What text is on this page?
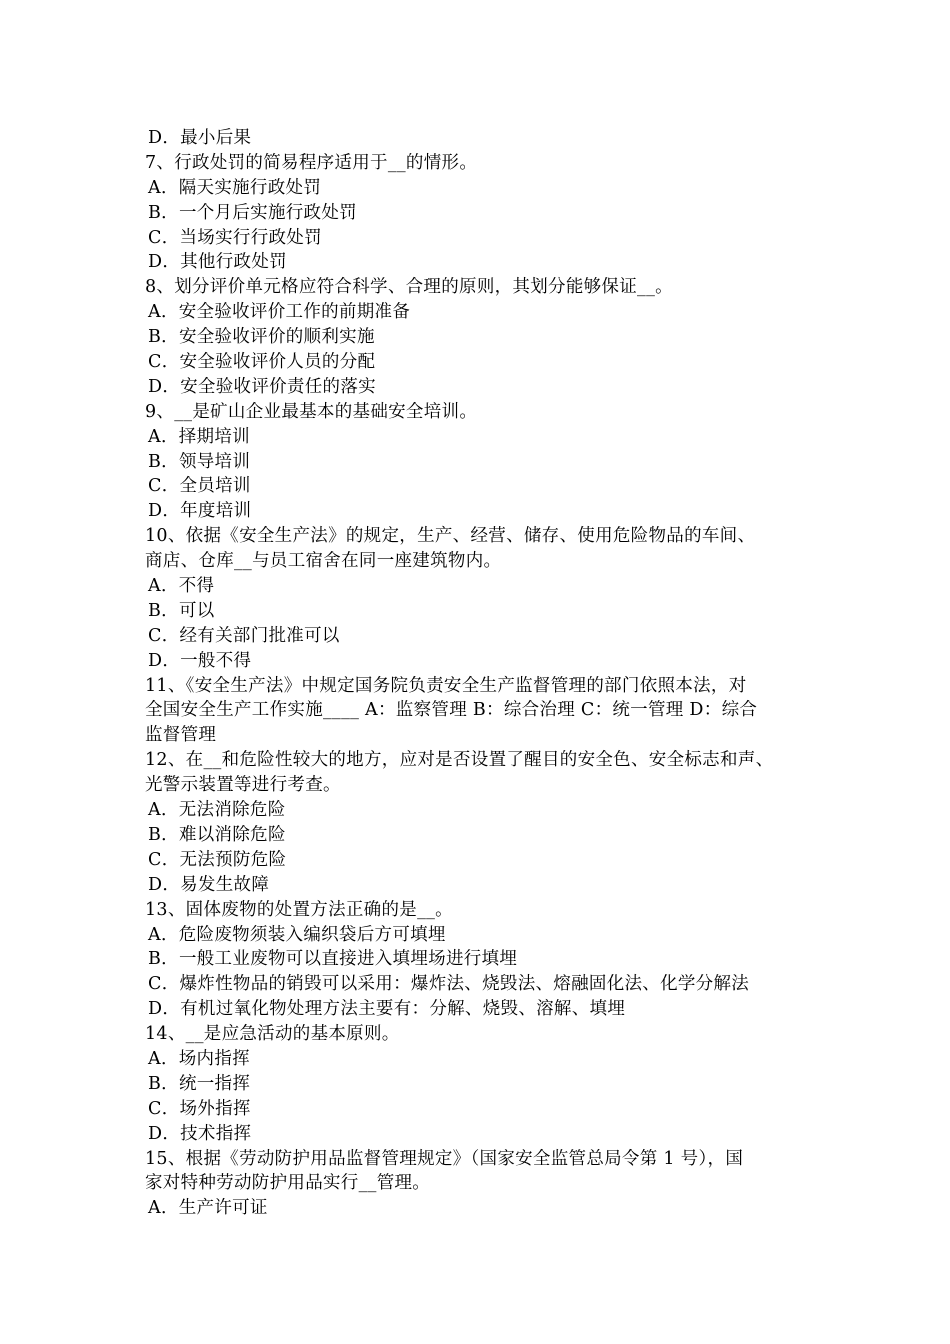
D．最小后果
7、行政处罚的简易程序适用于__的情形。
A．隔天实施行政处罚
B．一个月后实施行政处罚
C．当场实行行政处罚
D．其他行政处罚
8、划分评价单元格应符合科学、合理的原则，其划分能够保证__。
A．安全验收评价工作的前期准备
B．安全验收评价的顺利实施
C．安全验收评价人员的分配
D．安全验收评价责任的落实
9、__是矿山企业最基本的基础安全培训。
A．择期培训
B．领导培训
C．全员培训
D．年度培训
10、依据《安全生产法》的规定，生产、经营、储存、使用危险物品的车间、
商店、仓库__与员工宿舍在同一座建筑物内。
A．不得
B．可以
C．经有关部门批准可以
D．一般不得
11、《安全生产法》中规定国务院负责安全生产监督管理的部门依照本法，对
全国安全生产工作实施____ A：监察管理 B：综合治理 C：统一管理 D：综合
监督管理
12、在__和危险性较大的地方，应对是否设置了醒目的安全色、安全标志和声、
光警示装置等进行考查。
A．无法消除危险
B．难以消除危险
C．无法预防危险
D．易发生故障
13、固体废物的处置方法正确的是__。
A．危险废物须装入编织袋后方可填埋
B．一般工业废物可以直接进入填埋场进行填埋
C．爆炸性物品的销毁可以采用：爆炸法、烧毁法、熔融固化法、化学分解法
D．有机过氧化物处理方法主要有：分解、烧毁、溶解、填埋
14、__是应急活动的基本原则。
A．场内指挥
B．统一指挥
C．场外指挥
D．技术指挥
15、根据《劳动防护用品监督管理规定》（国家安全监管总局令第 1 号），国
家对特种劳动防护用品实行__管理。
A．生产许可证
